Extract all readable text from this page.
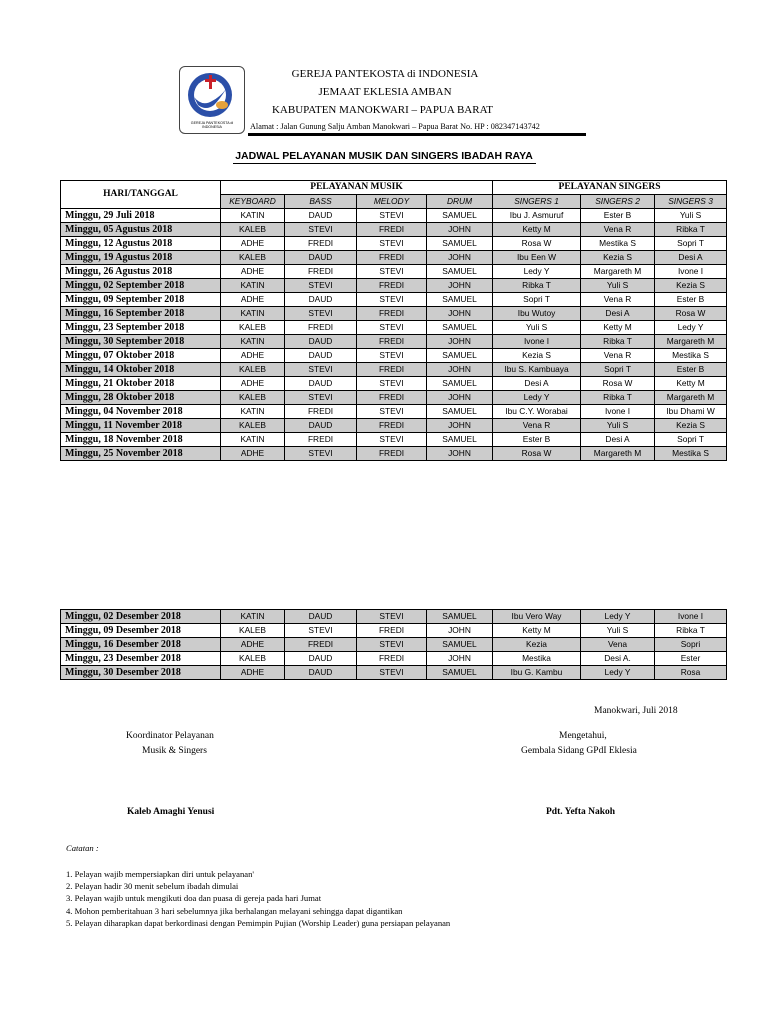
GEREJA PANTEKOSTA di INDONESIA
GEREJA PANTEKOSTA di INDONESIA
JEMAAT EKLESIA AMBAN
KABUPATEN MANOKWARI – PAPUA BARAT
Alamat : Jalan Gunung Salju Amban Manokwari – Papua Barat No. HP : 082347143742
JADWAL PELAYANAN MUSIK DAN SINGERS IBADAH RAYA
HARI/TANGGAL	PELAYANAN MUSIK				PELAYANAN SINGERS		
	KEYBOARD	BASS	MELODY	DRUM	SINGERS 1	SINGERS 2	SINGERS 3
Minggu, 29 Juli 2018	KATIN	DAUD	STEVI	SAMUEL	Ibu J. Asmuruf	Ester B	Yuli S
Minggu, 05 Agustus 2018	KALEB	STEVI	FREDI	JOHN	Ketty M	Vena R	Ribka T
Minggu, 12 Agustus 2018	ADHE	FREDI	STEVI	SAMUEL	Rosa W	Mestika S	Sopri T
Minggu, 19 Agustus 2018	KALEB	DAUD	FREDI	JOHN	Ibu Een W	Kezia S	Desi A
Minggu, 26 Agustus 2018	ADHE	FREDI	STEVI	SAMUEL	Ledy Y	Margareth M	Ivone I
Minggu, 02 September 2018	KATIN	STEVI	FREDI	JOHN	Ribka T	Yuli S	Kezia S
Minggu, 09 September 2018	ADHE	DAUD	STEVI	SAMUEL	Sopri T	Vena R	Ester B
Minggu, 16 September 2018	KATIN	STEVI	FREDI	JOHN	Ibu Wutoy	Desi A	Rosa W
Minggu, 23 September 2018	KALEB	FREDI	STEVI	SAMUEL	Yuli S	Ketty M	Ledy Y
Minggu, 30 September 2018	KATIN	DAUD	FREDI	JOHN	Ivone I	Ribka T	Margareth M
Minggu, 07 Oktober 2018	ADHE	DAUD	STEVI	SAMUEL	Kezia S	Vena R	Mestika S
Minggu, 14 Oktober 2018	KALEB	STEVI	FREDI	JOHN	Ibu S. Kambuaya	Sopri T	Ester B
Minggu, 21 Oktober 2018	ADHE	DAUD	STEVI	SAMUEL	Desi A	Rosa W	Ketty M
Minggu, 28 Oktober 2018	KALEB	STEVI	FREDI	JOHN	Ledy Y	Ribka T	Margareth M
Minggu, 04 November 2018	KATIN	FREDI	STEVI	SAMUEL	Ibu C.Y. Worabai	Ivone I	Ibu Dhami W
Minggu, 11 November 2018	KALEB	DAUD	FREDI	JOHN	Vena R	Yuli S	Kezia S
Minggu, 18 November 2018	KATIN	FREDI	STEVI	SAMUEL	Ester B	Desi A	Sopri T
Minggu, 25 November 2018	ADHE	STEVI	FREDI	JOHN	Rosa W	Margareth M	Mestika S
Minggu, 02 Desember 2018	KATIN	DAUD	STEVI	SAMUEL	Ibu Vero Way	Ledy Y	Ivone I
Minggu, 09 Desember 2018	KALEB	STEVI	FREDI	JOHN	Ketty M	Yuli S	Ribka T
Minggu, 16 Desember 2018	ADHE	FREDI	STEVI	SAMUEL	Kezia	Vena	Sopri
Minggu, 23 Desember 2018	KALEB	DAUD	FREDI	JOHN	Mestika	Desi A.	Ester
Minggu, 30 Desember 2018	ADHE	DAUD	STEVI	SAMUEL	Ibu G. Kambu	Ledy Y	Rosa
Manokwari, Juli 2018
Koordinator Pelayanan
Musik & Singers
Mengetahui,
Gembala Sidang GPdI Eklesia
Kaleb Amaghi Yenusi	Pdt. Yefta Nakoh
Catatan :
1. Pelayan wajib mempersiapkan diri untuk pelayanan'
2. Pelayan hadir 30 menit sebelum ibadah dimulai
3. Pelayan wajib untuk mengikuti doa dan puasa di gereja pada hari Jumat
4. Mohon pemberitahuan 3 hari sebelumnya jika berhalangan melayani sehingga dapat digantikan
5. Pelayan diharapkan dapat berkordinasi dengan Pemimpin Pujian (Worship Leader) guna persiapan pelayanan
